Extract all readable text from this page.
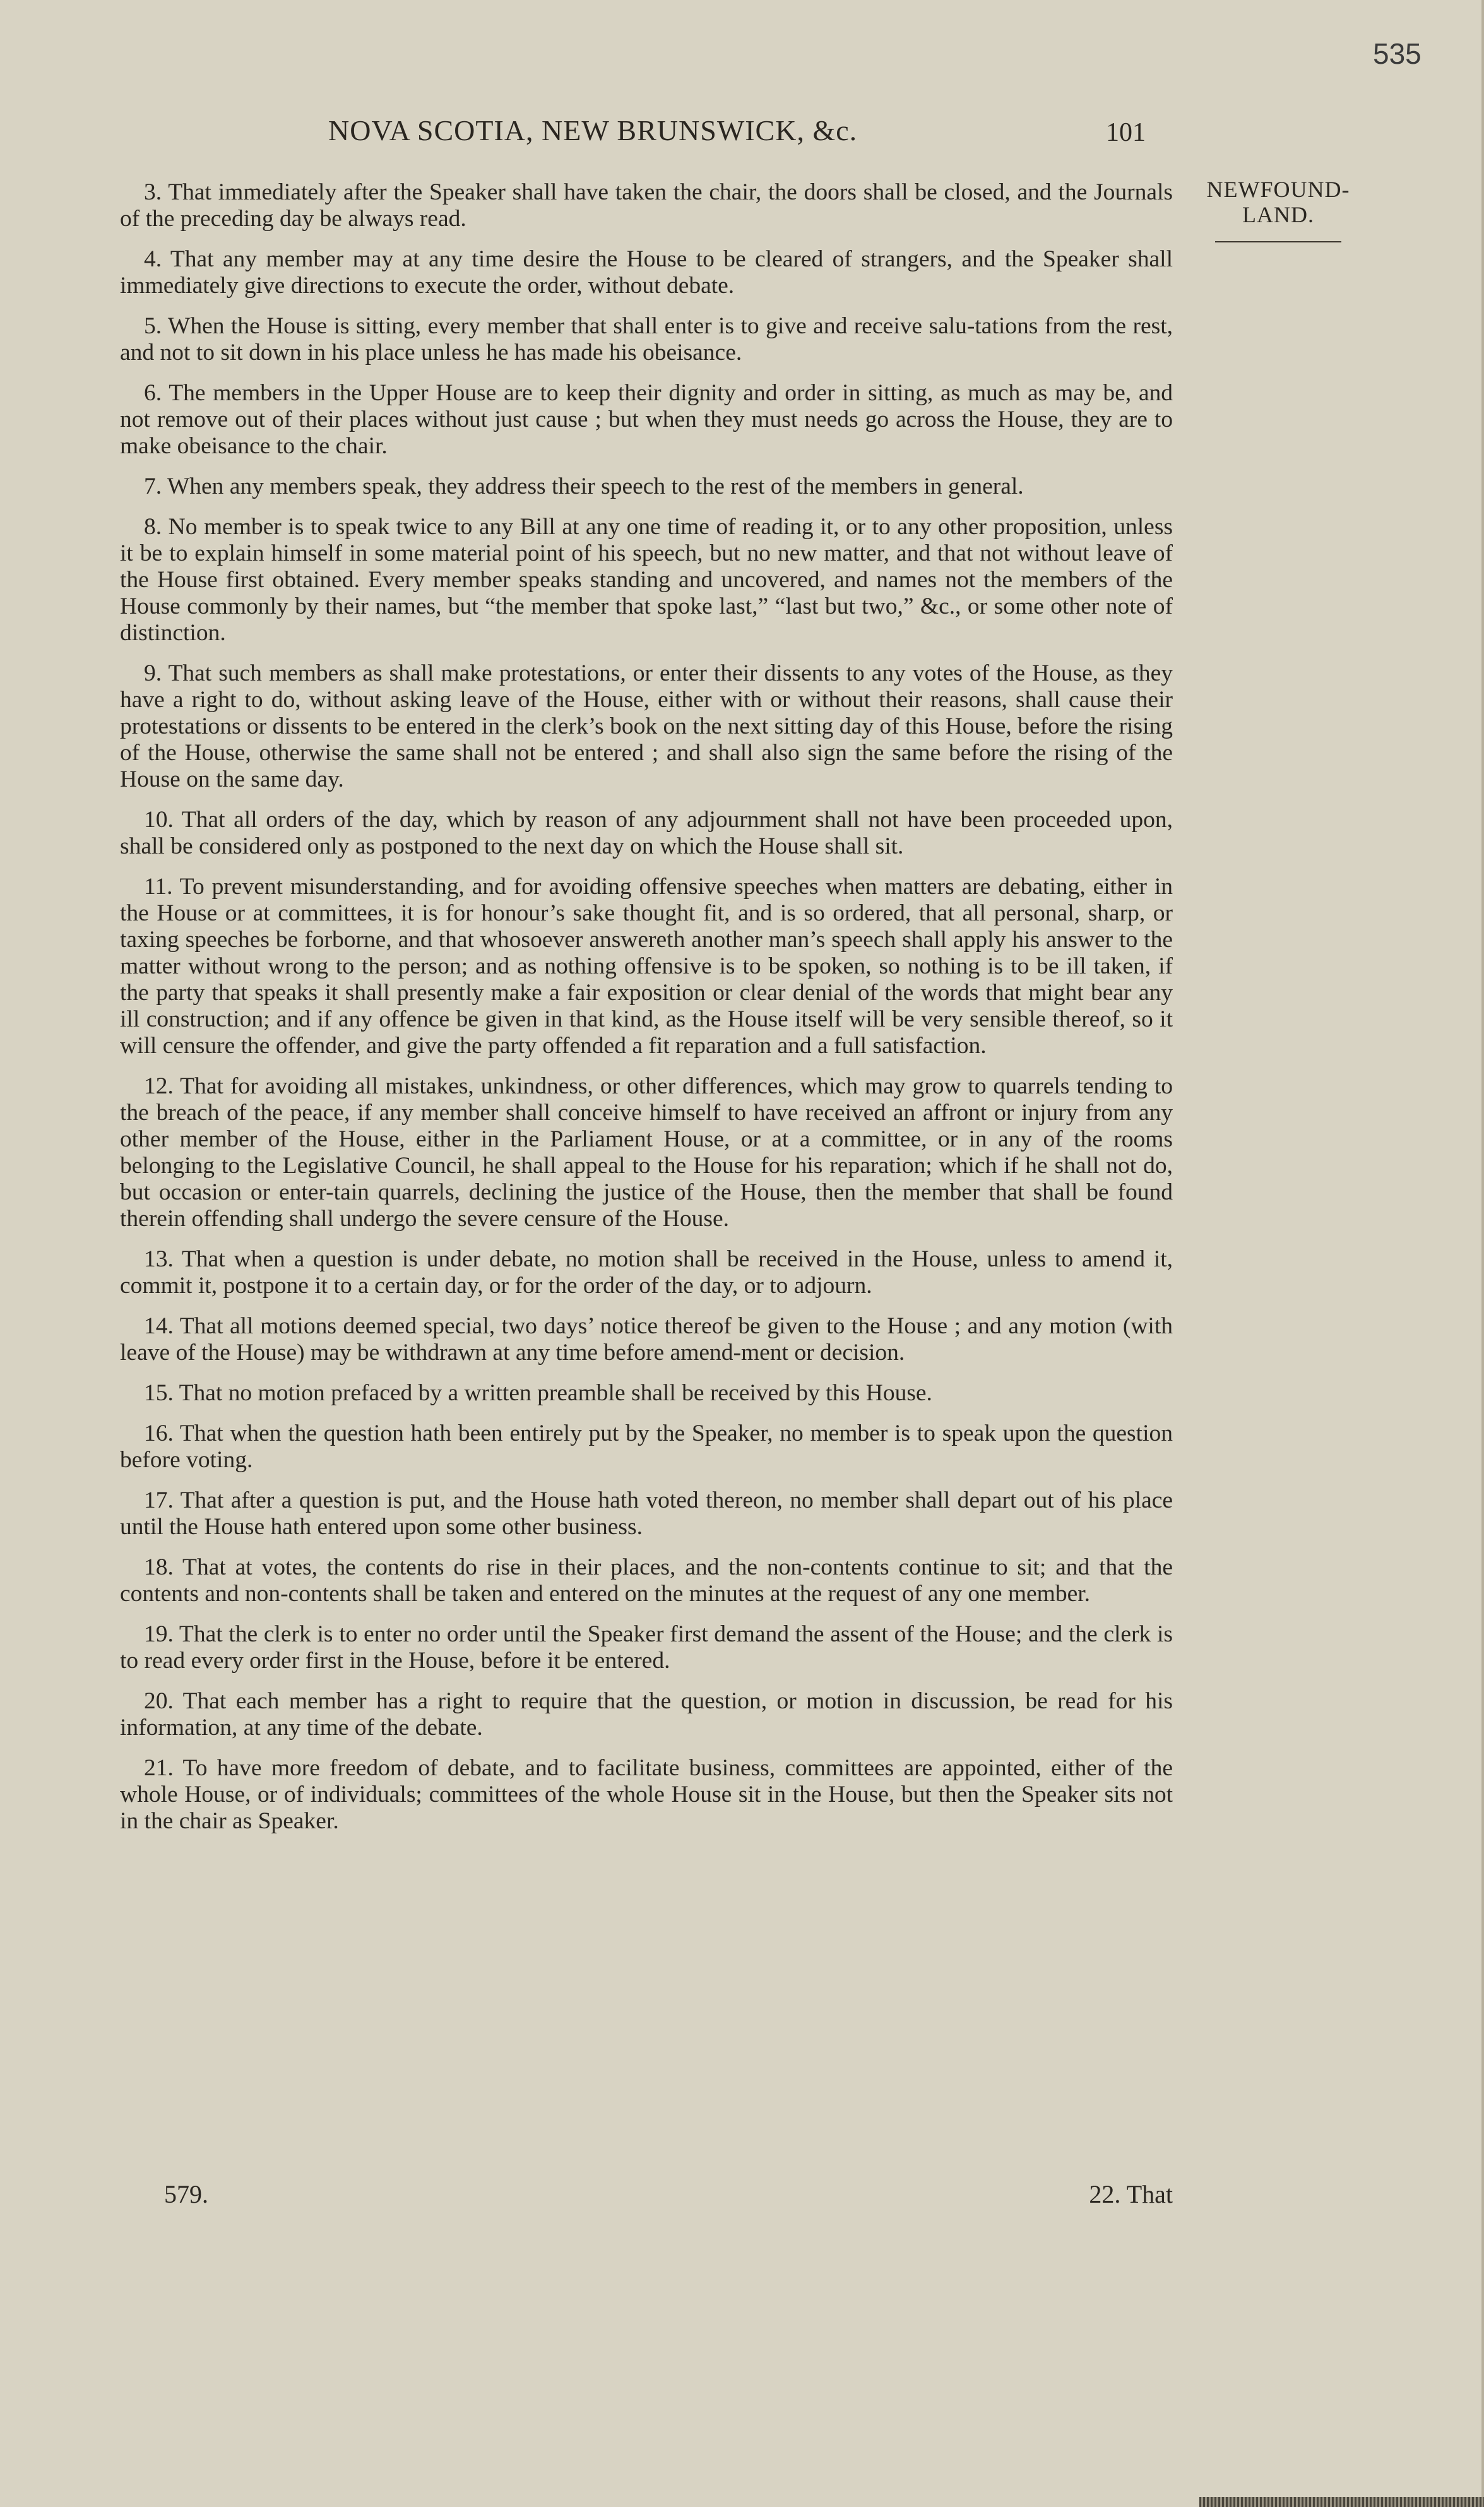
535
NOVA SCOTIA, NEW BRUNSWICK, &c.	101
NEWFOUND-
LAND.

3. That immediately after the Speaker shall have taken the chair, the doors shall be closed, and the Journals of the preceding day be always read.

4. That any member may at any time desire the House to be cleared of strangers, and the Speaker shall immediately give directions to execute the order, without debate.

5. When the House is sitting, every member that shall enter is to give and receive salu-tations from the rest, and not to sit down in his place unless he has made his obeisance.

6. The members in the Upper House are to keep their dignity and order in sitting, as much as may be, and not remove out of their places without just cause ; but when they must needs go across the House, they are to make obeisance to the chair.

7. When any members speak, they address their speech to the rest of the members in general.

8. No member is to speak twice to any Bill at any one time of reading it, or to any other proposition, unless it be to explain himself in some material point of his speech, but no new matter, and that not without leave of the House first obtained. Every member speaks standing and uncovered, and names not the members of the House commonly by their names, but “the member that spoke last,” “last but two,” &c., or some other note of distinction.

9. That such members as shall make protestations, or enter their dissents to any votes of the House, as they have a right to do, without asking leave of the House, either with or without their reasons, shall cause their protestations or dissents to be entered in the clerk’s book on the next sitting day of this House, before the rising of the House, otherwise the same shall not be entered ; and shall also sign the same before the rising of the House on the same day.

10. That all orders of the day, which by reason of any adjournment shall not have been proceeded upon, shall be considered only as postponed to the next day on which the House shall sit.

11. To prevent misunderstanding, and for avoiding offensive speeches when matters are debating, either in the House or at committees, it is for honour’s sake thought fit, and is so ordered, that all personal, sharp, or taxing speeches be forborne, and that whosoever answereth another man’s speech shall apply his answer to the matter without wrong to the person; and as nothing offensive is to be spoken, so nothing is to be ill taken, if the party that speaks it shall presently make a fair exposition or clear denial of the words that might bear any ill construction; and if any offence be given in that kind, as the House itself will be very sensible thereof, so it will censure the offender, and give the party offended a fit reparation and a full satisfaction.

12. That for avoiding all mistakes, unkindness, or other differences, which may grow to quarrels tending to the breach of the peace, if any member shall conceive himself to have received an affront or injury from any other member of the House, either in the Parliament House, or at a committee, or in any of the rooms belonging to the Legislative Council, he shall appeal to the House for his reparation; which if he shall not do, but occasion or enter-tain quarrels, declining the justice of the House, then the member that shall be found therein offending shall undergo the severe censure of the House.

13. That when a question is under debate, no motion shall be received in the House, unless to amend it, commit it, postpone it to a certain day, or for the order of the day, or to adjourn.

14. That all motions deemed special, two days’ notice thereof be given to the House ; and any motion (with leave of the House) may be withdrawn at any time before amend-ment or decision.

15. That no motion prefaced by a written preamble shall be received by this House.

16. That when the question hath been entirely put by the Speaker, no member is to speak upon the question before voting.

17. That after a question is put, and the House hath voted thereon, no member shall depart out of his place until the House hath entered upon some other business.

18. That at votes, the contents do rise in their places, and the non-contents continue to sit; and that the contents and non-contents shall be taken and entered on the minutes at the request of any one member.

19. That the clerk is to enter no order until the Speaker first demand the assent of the House; and the clerk is to read every order first in the House, before it be entered.

20. That each member has a right to require that the question, or motion in discussion, be read for his information, at any time of the debate.

21. To have more freedom of debate, and to facilitate business, committees are appointed, either of the whole House, or of individuals; committees of the whole House sit in the House, but then the Speaker sits not in the chair as Speaker.

579.	22. That
